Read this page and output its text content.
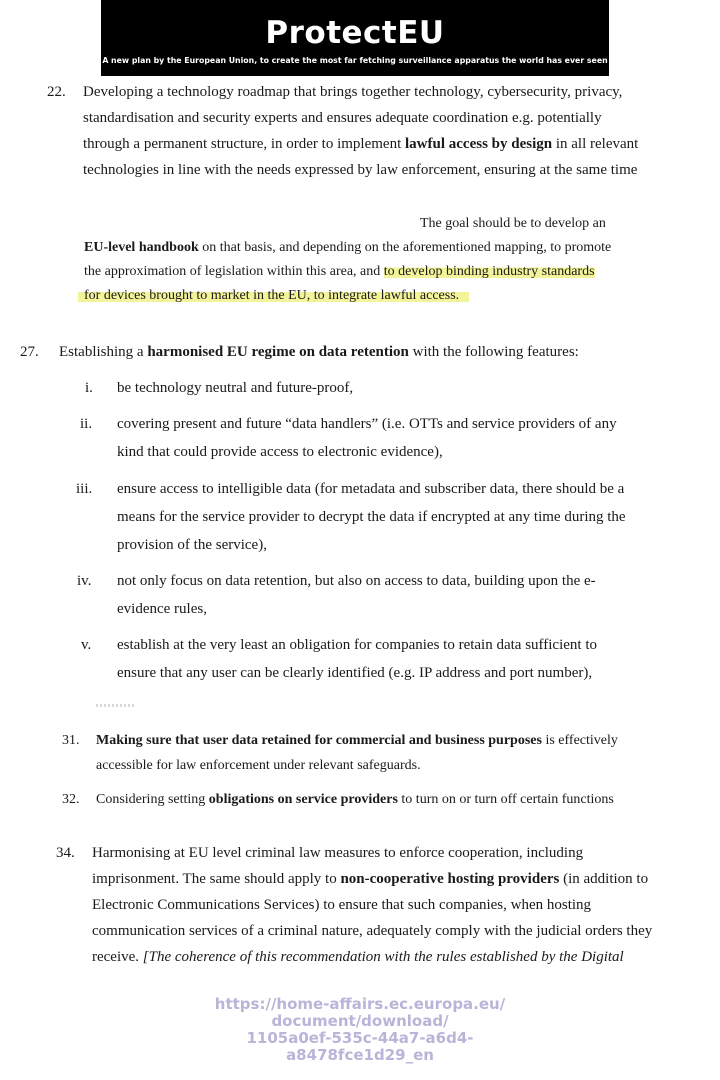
ProtectEU
A new plan by the European Union, to create the most far fetching surveillance apparatus the world has ever seen
22. Developing a technology roadmap that brings together technology, cybersecurity, privacy,
standardisation and security experts and ensures adequate coordination e.g. potentially
through a permanent structure, in order to implement lawful access by design in all relevant
technologies in line with the needs expressed by law enforcement, ensuring at the same time
The goal should be to develop an
EU-level handbook on that basis, and depending on the aforementioned mapping, to promote
the approximation of legislation within this area, and to develop binding industry standards
for devices brought to market in the EU, to integrate lawful access.
27. Establishing a harmonised EU regime on data retention with the following features:
i. be technology neutral and future-proof,
ii. covering present and future “data handlers” (i.e. OTTs and service providers of any
kind that could provide access to electronic evidence),
iii. ensure access to intelligible data (for metadata and subscriber data, there should be a
means for the service provider to decrypt the data if encrypted at any time during the
provision of the service),
iv. not only focus on data retention, but also on access to data, building upon the e-
evidence rules,
v. establish at the very least an obligation for companies to retain data sufficient to
ensure that any user can be clearly identified (e.g. IP address and port number),
31. Making sure that user data retained for commercial and business purposes is effectively
accessible for law enforcement under relevant safeguards.
32. Considering setting obligations on service providers to turn on or turn off certain functions
34. Harmonising at EU level criminal law measures to enforce cooperation, including
imprisonment. The same should apply to non-cooperative hosting providers (in addition to
Electronic Communications Services) to ensure that such companies, when hosting
communication services of a criminal nature, adequately comply with the judicial orders they
receive. [The coherence of this recommendation with the rules established by the Digital
https://home-affairs.ec.europa.eu/
document/download/
1105a0ef-535c-44a7-a6d4-
a8478fce1d29_en
